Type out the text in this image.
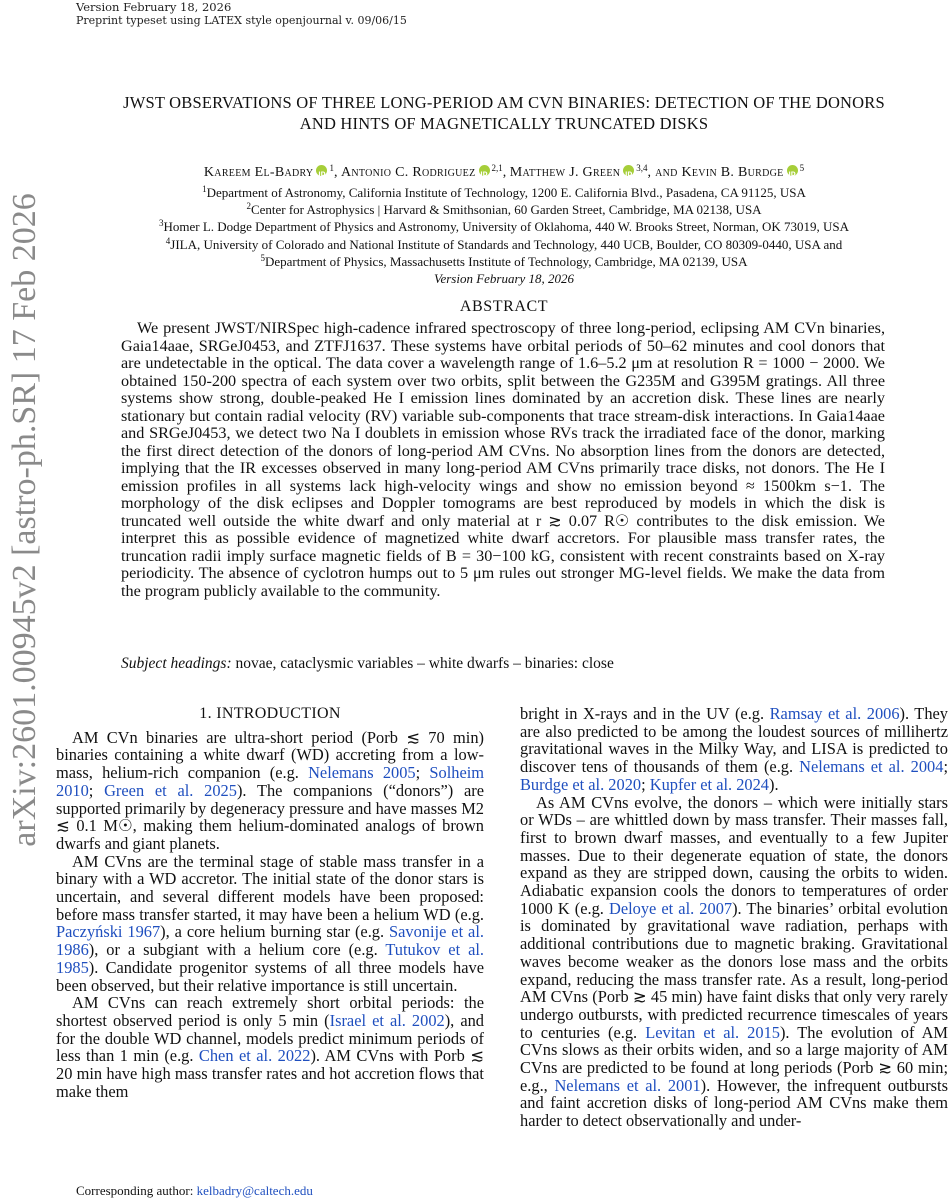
Version February 18, 2026
Preprint typeset using LATEX style openjournal v. 09/06/15
arXiv:2601.00945v2 [astro-ph.SR] 17 Feb 2026
JWST OBSERVATIONS OF THREE LONG-PERIOD AM CVN BINARIES: DETECTION OF THE DONORS
AND HINTS OF MAGNETICALLY TRUNCATED DISKS
Kareem El-Badry ID $^1$, Antonio C. Rodriguez ID $^{2,1}$, Matthew J. Green ID $^{3,4}$, and Kevin B. Burdge ID $^5$
$^1$Department of Astronomy, California Institute of Technology, 1200 E. California Blvd., Pasadena, CA 91125, USA
$^2$Center for Astrophysics | Harvard & Smithsonian, 60 Garden Street, Cambridge, MA 02138, USA
$^3$Homer L. Dodge Department of Physics and Astronomy, University of Oklahoma, 440 W. Brooks Street, Norman, OK 73019, USA
$^4$JILA, University of Colorado and National Institute of Standards and Technology, 440 UCB, Boulder, CO 80309-0440, USA and
$^5$Department of Physics, Massachusetts Institute of Technology, Cambridge, MA 02139, USA
Version February 18, 2026
ABSTRACT
We present JWST/NIRSpec high-cadence infrared spectroscopy of three long-period, eclipsing AM CVn binaries, Gaia14aae, SRGeJ0453, and ZTFJ1637. These systems have orbital periods of 50–62 minutes and cool donors that are undetectable in the optical. The data cover a wavelength range of 1.6–5.2 μm at resolution R = 1000 − 2000. We obtained 150-200 spectra of each system over two orbits, split between the G235M and G395M gratings. All three systems show strong, double-peaked He I emission lines dominated by an accretion disk. These lines are nearly stationary but contain radial velocity (RV) variable sub-components that trace stream-disk interactions. In Gaia14aae and SRGeJ0453, we detect two Na I doublets in emission whose RVs track the irradiated face of the donor, marking the first direct detection of the donors of long-period AM CVns. No absorption lines from the donors are detected, implying that the IR excesses observed in many long-period AM CVns primarily trace disks, not donors. The He I emission profiles in all systems lack high-velocity wings and show no emission beyond ≈ 1500km s−1. The morphology of the disk eclipses and Doppler tomograms are best reproduced by models in which the disk is truncated well outside the white dwarf and only material at r ≳ 0.07 R☉ contributes to the disk emission. We interpret this as possible evidence of magnetized white dwarf accretors. For plausible mass transfer rates, the truncation radii imply surface magnetic fields of B = 30−100 kG, consistent with recent constraints based on X-ray periodicity. The absence of cyclotron humps out to 5 μm rules out stronger MG-level fields. We make the data from the program publicly available to the community.
Subject headings: novae, cataclysmic variables – white dwarfs – binaries: close
1. INTRODUCTION

AM CVn binaries are ultra-short period (Porb ≲ 70 min) binaries containing a white dwarf (WD) accreting from a low-mass, helium-rich companion (e.g. Nelemans 2005; Solheim 2010; Green et al. 2025). The companions (“donors”) are supported primarily by degeneracy pressure and have masses M2 ≲ 0.1 M☉, making them helium-dominated analogs of brown dwarfs and giant planets.

AM CVns are the terminal stage of stable mass transfer in a binary with a WD accretor. The initial state of the donor stars is uncertain, and several different models have been proposed: before mass transfer started, it may have been a helium WD (e.g. Paczyński 1967), a core helium burning star (e.g. Savonije et al. 1986), or a subgiant with a helium core (e.g. Tutukov et al. 1985). Candidate progenitor systems of all three models have been observed, but their relative importance is still uncertain.

AM CVns can reach extremely short orbital periods: the shortest observed period is only 5 min (Israel et al. 2002), and for the double WD channel, models predict minimum periods of less than 1 min (e.g. Chen et al. 2022). AM CVns with Porb ≲ 20 min have high mass transfer rates and hot accretion flows that make them

bright in X-rays and in the UV (e.g. Ramsay et al. 2006). They are also predicted to be among the loudest sources of millihertz gravitational waves in the Milky Way, and LISA is predicted to discover tens of thousands of them (e.g. Nelemans et al. 2004; Burdge et al. 2020; Kupfer et al. 2024).

As AM CVns evolve, the donors – which were initially stars or WDs – are whittled down by mass transfer. Their masses fall, first to brown dwarf masses, and eventually to a few Jupiter masses. Due to their degenerate equation of state, the donors expand as they are stripped down, causing the orbits to widen. Adiabatic expansion cools the donors to temperatures of order 1000 K (e.g. Deloye et al. 2007). The binaries’ orbital evolution is dominated by gravitational wave radiation, perhaps with additional contributions due to magnetic braking. Gravitational waves become weaker as the donors lose mass and the orbits expand, reducing the mass transfer rate. As a result, long-period AM CVns (Porb ≳ 45 min) have faint disks that only very rarely undergo outbursts, with predicted recurrence timescales of years to centuries (e.g. Levitan et al. 2015). The evolution of AM CVns slows as their orbits widen, and so a large majority of AM CVns are predicted to be found at long periods (Porb ≳ 60 min; e.g., Nelemans et al. 2001). However, the infrequent outbursts and faint accretion disks of long-period AM CVns make them harder to detect observationally and under-

Corresponding author: kelbadry@caltech.edu
